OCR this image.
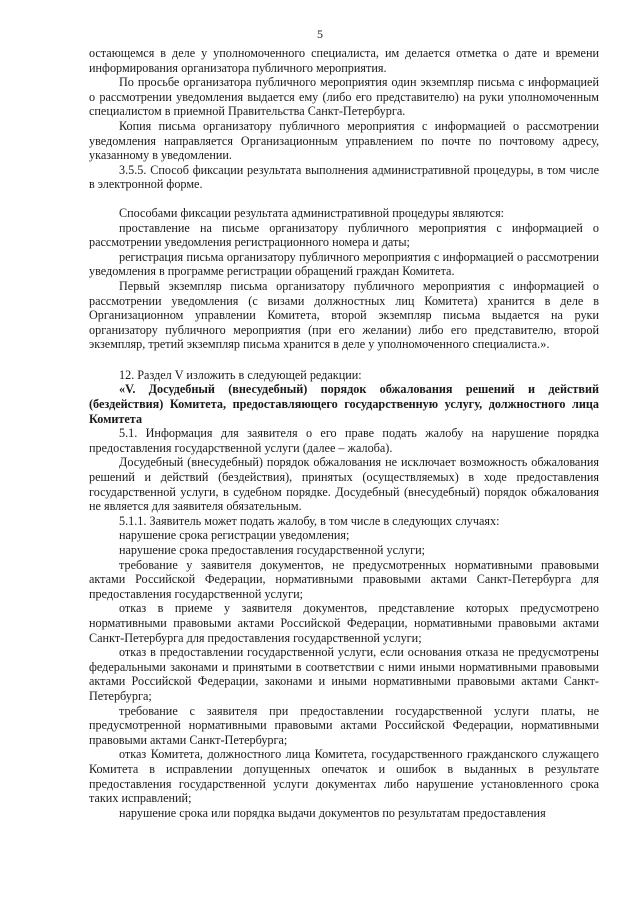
5

остающемся в деле у уполномоченного специалиста, им делается отметка о дате и времени информирования организатора публичного мероприятия.

По просьбе организатора публичного мероприятия один экземпляр письма с информацией о рассмотрении уведомления выдается ему (либо его представителю) на руки уполномоченным специалистом в приемной Правительства Санкт-Петербурга.

Копия письма организатору публичного мероприятия с информацией о рассмотрении уведомления направляется Организационным управлением по почте по почтовому адресу, указанному в уведомлении.

3.5.5. Способ фиксации результата выполнения административной процедуры, в том числе в электронной форме.

Способами фиксации результата административной процедуры являются:

проставление на письме организатору публичного мероприятия с информацией о рассмотрении уведомления регистрационного номера и даты;

регистрация письма организатору публичного мероприятия с информацией о рассмотрении уведомления в программе регистрации обращений граждан Комитета.

Первый экземпляр письма организатору публичного мероприятия с информацией о рассмотрении уведомления (с визами должностных лиц Комитета) хранится в деле в Организационном управлении Комитета, второй экземпляр письма выдается на руки организатору публичного мероприятия (при его желании) либо его представителю, второй экземпляр, третий экземпляр письма хранится в деле у уполномоченного специалиста.».

12. Раздел V изложить в следующей редакции:

«V. Досудебный (внесудебный) порядок обжалования решений и действий (бездействия) Комитета, предоставляющего государственную услугу, должностного лица Комитета

5.1. Информация для заявителя о его праве подать жалобу на нарушение порядка предоставления государственной услуги (далее – жалоба).

Досудебный (внесудебный) порядок обжалования не исключает возможность обжалования решений и действий (бездействия), принятых (осуществляемых) в ходе предоставления государственной услуги, в судебном порядке. Досудебный (внесудебный) порядок обжалования не является для заявителя обязательным.

5.1.1. Заявитель может подать жалобу, в том числе в следующих случаях:

нарушение срока регистрации уведомления;

нарушение срока предоставления государственной услуги;

требование у заявителя документов, не предусмотренных нормативными правовыми актами Российской Федерации, нормативными правовыми актами Санкт-Петербурга для предоставления государственной услуги;

отказ в приеме у заявителя документов, представление которых предусмотрено нормативными правовыми актами Российской Федерации, нормативными правовыми актами Санкт-Петербурга для предоставления государственной услуги;

отказ в предоставлении государственной услуги, если основания отказа не предусмотрены федеральными законами и принятыми в соответствии с ними иными нормативными правовыми актами Российской Федерации, законами и иными нормативными правовыми актами Санкт-Петербурга;

требование с заявителя при предоставлении государственной услуги платы, не предусмотренной нормативными правовыми актами Российской Федерации, нормативными правовыми актами Санкт-Петербурга;

отказ Комитета, должностного лица Комитета, государственного гражданского служащего Комитета в исправлении допущенных опечаток и ошибок в выданных в результате предоставления государственной услуги документах либо нарушение установленного срока таких исправлений;

нарушение срока или порядка выдачи документов по результатам предоставления
